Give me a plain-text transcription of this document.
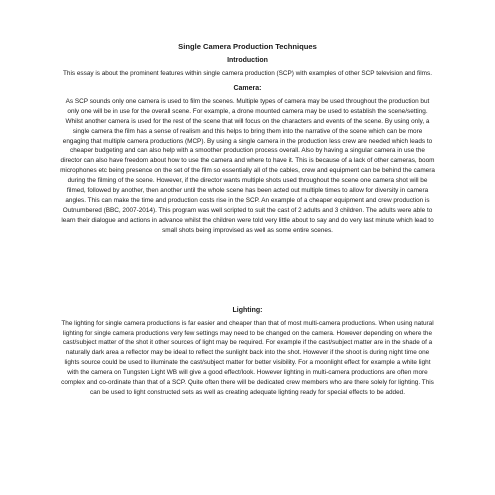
Single Camera Production Techniques
Introduction

This essay is about the prominent features within single camera production (SCP) with examples of other SCP television and films.

Camera:

As SCP sounds only one camera is used to film the scenes. Multiple types of camera may be used throughout the production but only one will be in use for the overall scene. For example, a drone mounted camera may be used to establish the scene/setting. Whilst another camera is used for the rest of the scene that will focus on the characters and events of the scene. By using only, a single camera the film has a sense of realism and this helps to bring them into the narrative of the scene which can be more engaging that multiple camera productions (MCP). By using a single camera in the production less crew are needed which leads to cheaper budgeting and can also help with a smoother production process overall. Also by having a singular camera in use the director can also have freedom about how to use the camera and where to have it. This is because of a lack of other cameras, boom microphones etc being presence on the set of the film so essentially all of the cables, crew and equipment can be behind the camera during the filming of the scene. However, if the director wants multiple shots used throughout the scene one camera shot will be filmed, followed by another, then another until the whole scene has been acted out multiple times to allow for diversity in camera angles. This can make the time and production costs rise in the SCP. An example of a cheaper equipment and crew production is Outnumbered (BBC, 2007-2014). This program was well scripted to suit the cast of 2 adults and 3 children. The adults were able to learn their dialogue and actions in advance whilst the children were told very little about to say and do very last minute which lead to small shots being improvised as well as some entire scenes.

Lighting:

The lighting for single camera productions is far easier and cheaper than that of most multi-camera productions. When using natural lighting for single camera productions very few settings may need to be changed on the camera. However depending on where the cast/subject matter of the shot it other sources of light may be required. For example if the cast/subject matter are in the shade of a naturally dark area a reflector may be ideal to reflect the sunlight back into the shot. However if the shoot is during night time one lights source could be used to illuminate the cast/subject matter for better visibility. For a moonlight effect for example a white light with the camera on Tungsten Light WB will give a good effect/look. However lighting in multi-camera productions are often more complex and co-ordinate than that of a SCP. Quite often there will be dedicated crew members who are there solely for lighting. This can be used to light constructed sets as well as creating adequate lighting ready for special effects to be added.
